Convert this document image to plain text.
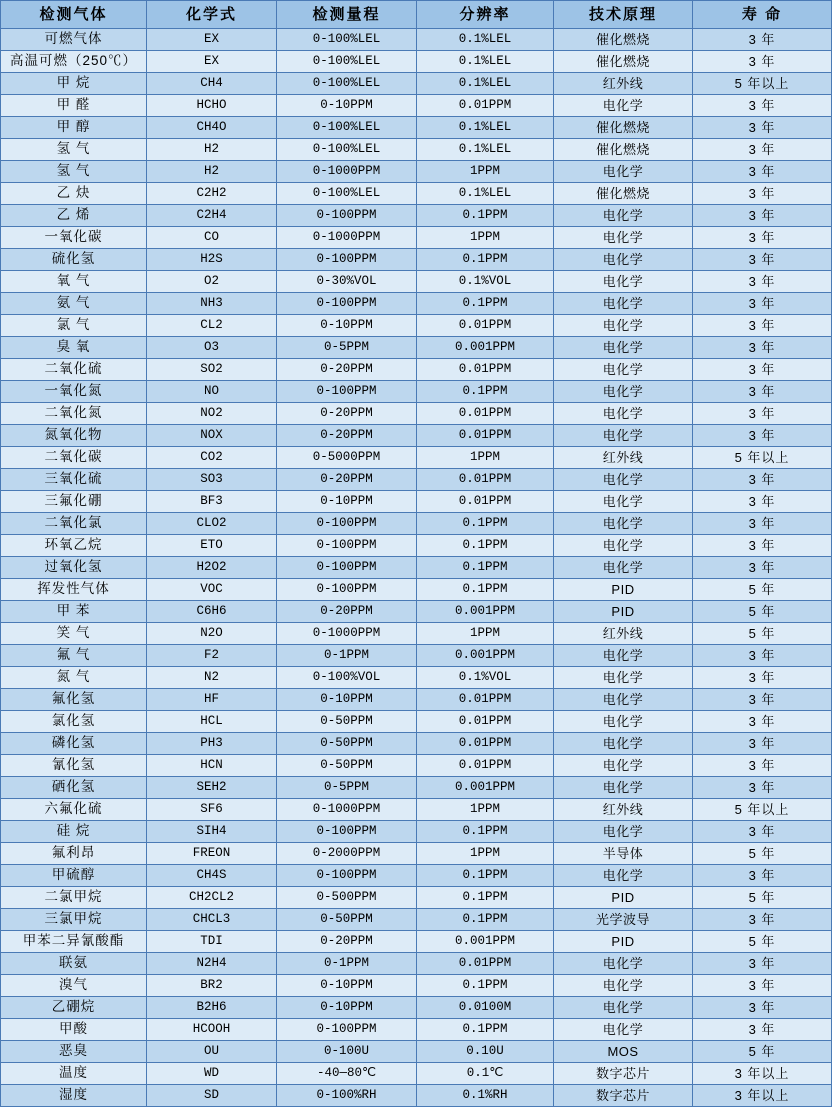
检测气体	化学式	检测量程	分辨率	技术原理	寿 命
可燃气体	EX	0-100%LEL	0.1%LEL	催化燃烧	3 年
高温可燃（250℃）	EX	0-100%LEL	0.1%LEL	催化燃烧	3 年
甲 烷	CH4	0-100%LEL	0.1%LEL	红外线	5 年以上
甲 醛	HCHO	0-10PPM	0.01PPM	电化学	3 年
甲 醇	CH4O	0-100%LEL	0.1%LEL	催化燃烧	3 年
氢 气	H2	0-100%LEL	0.1%LEL	催化燃烧	3 年
氢 气	H2	0-1000PPM	1PPM	电化学	3 年
乙 炔	C2H2	0-100%LEL	0.1%LEL	催化燃烧	3 年
乙 烯	C2H4	0-100PPM	0.1PPM	电化学	3 年
一氧化碳	CO	0-1000PPM	1PPM	电化学	3 年
硫化氢	H2S	0-100PPM	0.1PPM	电化学	3 年
氧 气	O2	0-30%VOL	0.1%VOL	电化学	3 年
氨 气	NH3	0-100PPM	0.1PPM	电化学	3 年
氯 气	CL2	0-10PPM	0.01PPM	电化学	3 年
臭 氧	O3	0-5PPM	0.001PPM	电化学	3 年
二氧化硫	SO2	0-20PPM	0.01PPM	电化学	3 年
一氧化氮	NO	0-100PPM	0.1PPM	电化学	3 年
二氧化氮	NO2	0-20PPM	0.01PPM	电化学	3 年
氮氧化物	NOX	0-20PPM	0.01PPM	电化学	3 年
二氧化碳	CO2	0-5000PPM	1PPM	红外线	5 年以上
三氧化硫	SO3	0-20PPM	0.01PPM	电化学	3 年
三氟化硼	BF3	0-10PPM	0.01PPM	电化学	3 年
二氧化氯	CLO2	0-100PPM	0.1PPM	电化学	3 年
环氧乙烷	ETO	0-100PPM	0.1PPM	电化学	3 年
过氧化氢	H2O2	0-100PPM	0.1PPM	电化学	3 年
挥发性气体	VOC	0-100PPM	0.1PPM	PID	5 年
甲 苯	C6H6	0-20PPM	0.001PPM	PID	5 年
笑 气	N2O	0-1000PPM	1PPM	红外线	5 年
氟 气	F2	0-1PPM	0.001PPM	电化学	3 年
氮 气	N2	0-100%VOL	0.1%VOL	电化学	3 年
氟化氢	HF	0-10PPM	0.01PPM	电化学	3 年
氯化氢	HCL	0-50PPM	0.01PPM	电化学	3 年
磷化氢	PH3	0-50PPM	0.01PPM	电化学	3 年
氰化氢	HCN	0-50PPM	0.01PPM	电化学	3 年
硒化氢	SEH2	0-5PPM	0.001PPM	电化学	3 年
六氟化硫	SF6	0-1000PPM	1PPM	红外线	5 年以上
硅 烷	SIH4	0-100PPM	0.1PPM	电化学	3 年
氟利昂	FREON	0-2000PPM	1PPM	半导体	5 年
甲硫醇	CH4S	0-100PPM	0.1PPM	电化学	3 年
二氯甲烷	CH2CL2	0-500PPM	0.1PPM	PID	5 年
三氯甲烷	CHCL3	0-50PPM	0.1PPM	光学波导	3 年
甲苯二异氰酸酯	TDI	0-20PPM	0.001PPM	PID	5 年
联氨	N2H4	0-1PPM	0.01PPM	电化学	3 年
溴气	BR2	0-10PPM	0.1PPM	电化学	3 年
乙硼烷	B2H6	0-10PPM	0.0100M	电化学	3 年
甲酸	HCOOH	0-100PPM	0.1PPM	电化学	3 年
恶臭	OU	0-100U	0.10U	MOS	5 年
温度	WD	-40—80℃	0.1℃	数字芯片	3 年以上
湿度	SD	0-100%RH	0.1%RH	数字芯片	3 年以上
